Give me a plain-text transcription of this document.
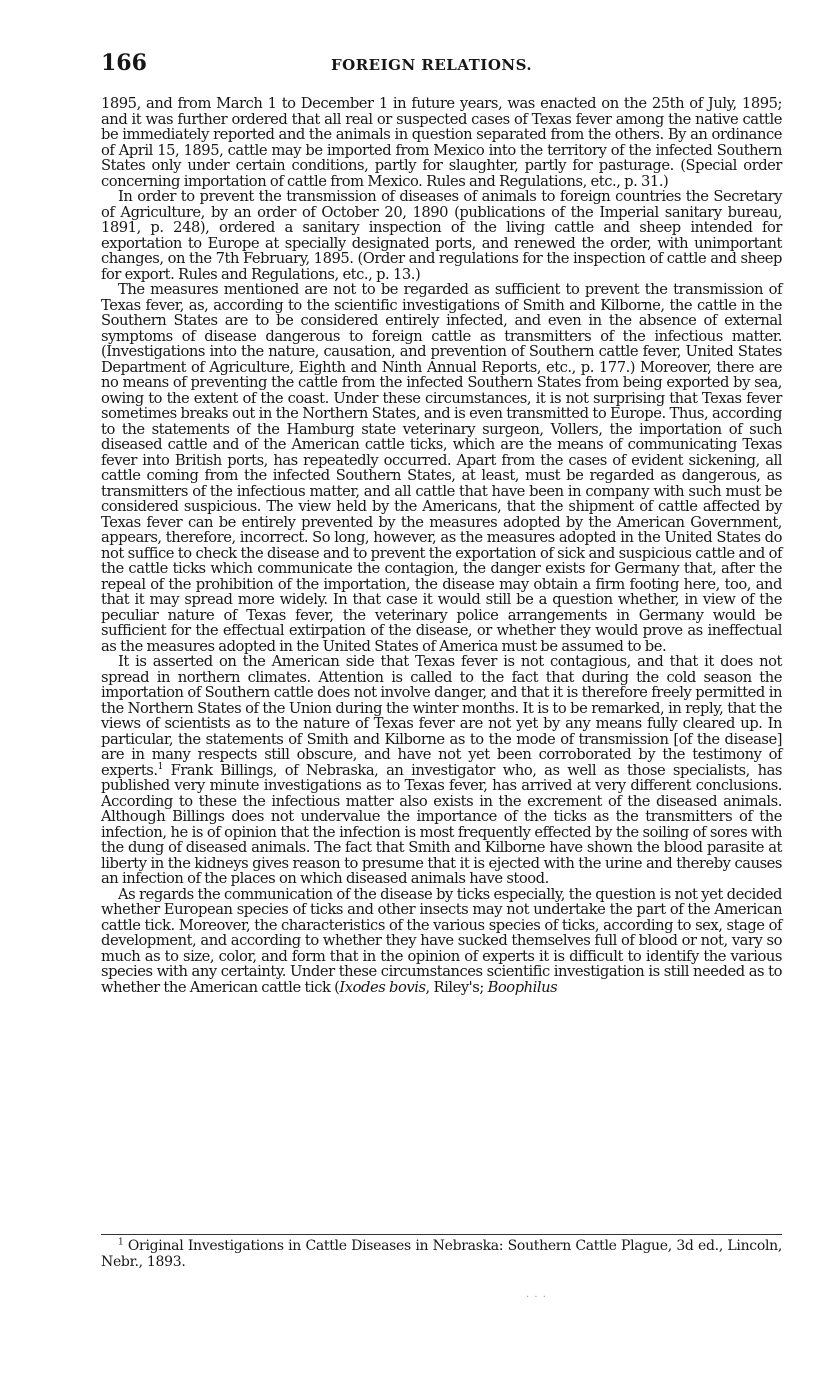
166	FOREIGN RELATIONS.

1895, and from March 1 to December 1 in future years, was enacted on the 25th of July, 1895; and it was further ordered that all real or suspected cases of Texas fever among the native cattle be immediately reported and the animals in question separated from the others. By an ordinance of April 15, 1895, cattle may be imported from Mexico into the territory of the infected Southern States only under certain conditions, partly for slaughter, partly for pasturage. (Special order concerning importation of cattle from Mexico. Rules and Regulations, etc., p. 31.)

In order to prevent the transmission of diseases of animals to foreign countries the Secretary of Agriculture, by an order of October 20, 1890 (publications of the Imperial sanitary bureau, 1891, p. 248), ordered a sanitary inspection of the living cattle and sheep intended for exportation to Europe at specially designated ports, and renewed the order, with unimportant changes, on the 7th February, 1895. (Order and regulations for the inspection of cattle and sheep for export. Rules and Regulations, etc., p. 13.)

The measures mentioned are not to be regarded as sufficient to prevent the transmission of Texas fever, as, according to the scientific investigations of Smith and Kilborne, the cattle in the Southern States are to be considered entirely infected, and even in the absence of external symptoms of disease dangerous to foreign cattle as transmitters of the infectious matter. (Investigations into the nature, causation, and prevention of Southern cattle fever, United States Department of Agriculture, Eighth and Ninth Annual Reports, etc., p. 177.) Moreover, there are no means of preventing the cattle from the infected Southern States from being exported by sea, owing to the extent of the coast. Under these circumstances, it is not surprising that Texas fever sometimes breaks out in the Northern States, and is even transmitted to Europe. Thus, according to the statements of the Hamburg state veterinary surgeon, Vollers, the importation of such diseased cattle and of the American cattle ticks, which are the means of communicating Texas fever into British ports, has repeatedly occurred. Apart from the cases of evident sickening, all cattle coming from the infected Southern States, at least, must be regarded as dangerous, as transmitters of the infectious matter, and all cattle that have been in company with such must be considered suspicious. The view held by the Americans, that the shipment of cattle affected by Texas fever can be entirely prevented by the measures adopted by the American Government, appears, therefore, incorrect. So long, however, as the measures adopted in the United States do not suffice to check the disease and to prevent the exportation of sick and suspicious cattle and of the cattle ticks which communicate the contagion, the danger exists for Germany that, after the repeal of the prohibition of the importation, the disease may obtain a firm footing here, too, and that it may spread more widely. In that case it would still be a question whether, in view of the peculiar nature of Texas fever, the veterinary police arrangements in Germany would be sufficient for the effectual extirpation of the disease, or whether they would prove as ineffectual as the measures adopted in the United States of America must be assumed to be.

It is asserted on the American side that Texas fever is not contagious, and that it does not spread in northern climates. Attention is called to the fact that during the cold season the importation of Southern cattle does not involve danger, and that it is therefore freely permitted in the Northern States of the Union during the winter months. It is to be remarked, in reply, that the views of scientists as to the nature of Texas fever are not yet by any means fully cleared up. In particular, the statements of Smith and Kilborne as to the mode of transmission [of the disease] are in many respects still obscure, and have not yet been corroborated by the testimony of experts.$^1$ Frank Billings, of Nebraska, an investigator who, as well as those specialists, has published very minute investigations as to Texas fever, has arrived at very different conclusions. According to these the infectious matter also exists in the excrement of the diseased animals. Although Billings does not undervalue the importance of the ticks as the transmitters of the infection, he is of opinion that the infection is most frequently effected by the soiling of sores with the dung of diseased animals. The fact that Smith and Kilborne have shown the blood parasite at liberty in the kidneys gives reason to presume that it is ejected with the urine and thereby causes an infection of the places on which diseased animals have stood.

As regards the communication of the disease by ticks especially, the question is not yet decided whether European species of ticks and other insects may not undertake the part of the American cattle tick. Moreover, the characteristics of the various species of ticks, according to sex, stage of development, and according to whether they have sucked themselves full of blood or not, vary so much as to size, color, and form that in the opinion of experts it is difficult to identify the various species with any certainty. Under these circumstances scientific investigation is still needed as to whether the American cattle tick (Ixodes bovis, Riley's; Boophilus

$^1$ Original Investigations in Cattle Diseases in Nebraska: Southern Cattle Plague, 3d ed., Lincoln, Nebr., 1893.
· · ·
